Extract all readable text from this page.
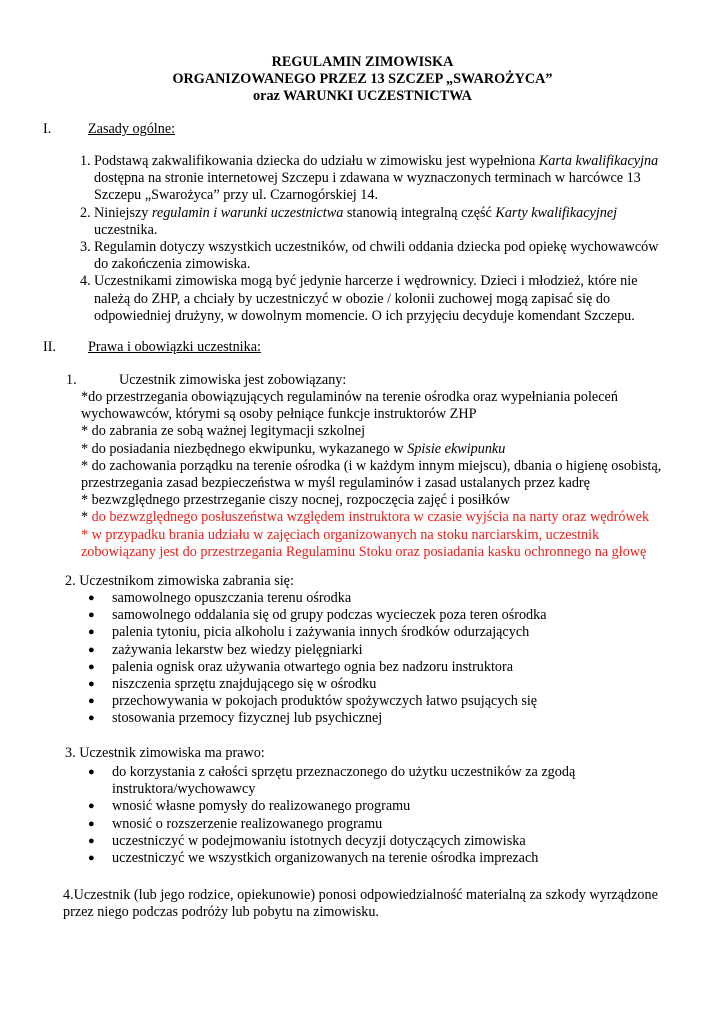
REGULAMIN ZIMOWISKA
ORGANIZOWANEGO PRZEZ 13 SZCZEP „SWAROŻYCA”
oraz WARUNKI UCZESTNICTWA
I.	Zasady ogólne:
1. Podstawą zakwalifikowania dziecka do udziału w zimowisku jest wypełniona Karta kwalifikacyjna
dostępna na stronie internetowej Szczepu i zdawana w wyznaczonych terminach w harcówce 13
Szczepu „Swarożyca” przy ul. Czarnogórskiej 14.
2. Niniejszy regulamin i warunki uczestnictwa stanowią integralną część Karty kwalifikacyjnej
uczestnika.
3. Regulamin dotyczy wszystkich uczestników, od chwili oddania dziecka pod opiekę wychowawców
do zakończenia zimowiska.
4. Uczestnikami zimowiska mogą być jedynie harcerze i wędrownicy. Dzieci i młodzież, które nie
należą do ZHP, a chciały by uczestniczyć w obozie / kolonii zuchowej mogą zapisać się do
odpowiedniej drużyny, w dowolnym momencie. O ich przyjęciu decyduje komendant Szczepu.
II. Prawa i obowiązki uczestnika:
1.	Uczestnik zimowiska jest zobowiązany:
*do przestrzegania obowiązujących regulaminów na terenie ośrodka oraz wypełniania poleceń
wychowawców, którymi są osoby pełniące funkcje instruktorów ZHP
* do zabrania ze sobą ważnej legitymacji szkolnej
* do posiadania niezbędnego ekwipunku, wykazanego w Spisie ekwipunku
* do zachowania porządku na terenie ośrodka (i w każdym innym miejscu), dbania o higienę osobistą,
przestrzegania zasad bezpieczeństwa w myśl regulaminów i zasad ustalanych przez kadrę
* bezwzględnego przestrzeganie ciszy nocnej, rozpoczęcia zajęć i posiłków
* do bezwzględnego posłuszeństwa względem instruktora w czasie wyjścia na narty oraz wędrówek
* w przypadku brania udziału w zajęciach organizowanych na stoku narciarskim, uczestnik
zobowiązany jest do przestrzegania Regulaminu Stoku oraz posiadania kasku ochronnego na głowę
2. Uczestnikom zimowiska zabrania się:
● samowolnego opuszczania terenu ośrodka
● samowolnego oddalania się od grupy podczas wycieczek poza teren ośrodka
● palenia tytoniu, picia alkoholu i zażywania innych środków odurzających
● zażywania lekarstw bez wiedzy pielęgniarki
● palenia ognisk oraz używania otwartego ognia bez nadzoru instruktora
● niszczenia sprzętu znajdującego się w ośrodku
● przechowywania w pokojach produktów spożywczych łatwo psujących się
● stosowania przemocy fizycznej lub psychicznej
3. Uczestnik zimowiska ma prawo:
● do korzystania z całości sprzętu przeznaczonego do użytku uczestników za zgodą
instruktora/wychowawcy
● wnosić własne pomysły do realizowanego programu
● wnosić o rozszerzenie realizowanego programu
● uczestniczyć w podejmowaniu istotnych decyzji dotyczących zimowiska
● uczestniczyć we wszystkich organizowanych na terenie ośrodka imprezach
4.Uczestnik (lub jego rodzice, opiekunowie) ponosi odpowiedzialność materialną za szkody wyrządzone
przez niego podczas podróży lub pobytu na zimowisku.
